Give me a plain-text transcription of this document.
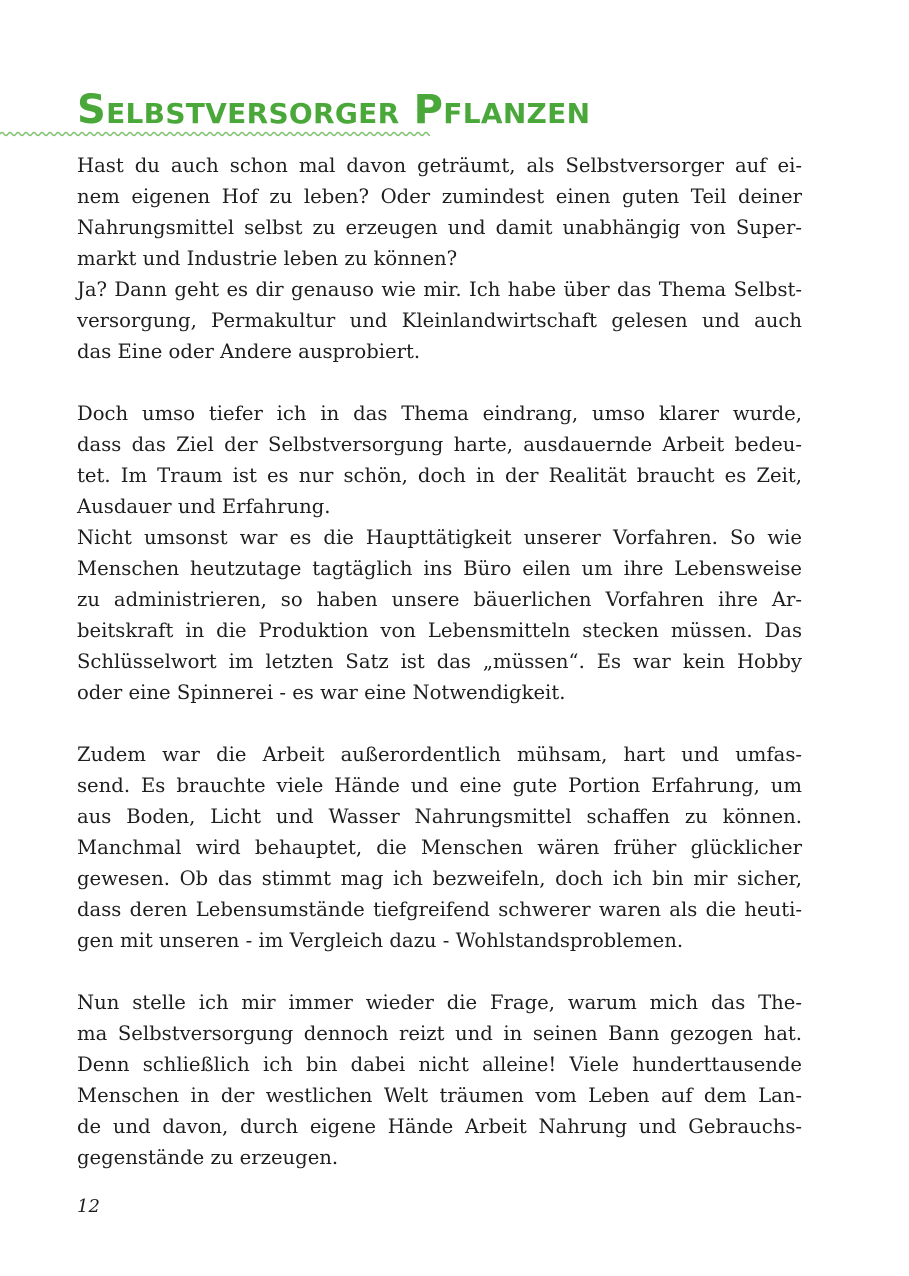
Selbstversorger Pflanzen
Hast du auch schon mal davon geträumt, als Selbstversorger auf ei-
nem eigenen Hof zu leben? Oder zumindest einen guten Teil deiner
Nahrungsmittel selbst zu erzeugen und damit unabhängig von Super-
markt und Industrie leben zu können?
Ja? Dann geht es dir genauso wie mir. Ich habe über das Thema Selbst-
versorgung, Permakultur und Kleinlandwirtschaft gelesen und auch
das Eine oder Andere ausprobiert.
Doch umso tiefer ich in das Thema eindrang, umso klarer wurde,
dass das Ziel der Selbstversorgung harte, ausdauernde Arbeit bedeu-
tet. Im Traum ist es nur schön, doch in der Realität braucht es Zeit,
Ausdauer und Erfahrung.
Nicht umsonst war es die Haupttätigkeit unserer Vorfahren. So wie
Menschen heutzutage tagtäglich ins Büro eilen um ihre Lebensweise
zu administrieren, so haben unsere bäuerlichen Vorfahren ihre Ar-
beitskraft in die Produktion von Lebensmitteln stecken müssen. Das
Schlüsselwort im letzten Satz ist das „müssen“. Es war kein Hobby
oder eine Spinnerei - es war eine Notwendigkeit.
Zudem war die Arbeit außerordentlich mühsam, hart und umfas-
send. Es brauchte viele Hände und eine gute Portion Erfahrung, um
aus Boden, Licht und Wasser Nahrungsmittel schaffen zu können.
Manchmal wird behauptet, die Menschen wären früher glücklicher
gewesen. Ob das stimmt mag ich bezweifeln, doch ich bin mir sicher,
dass deren Lebensumstände tiefgreifend schwerer waren als die heuti-
gen mit unseren - im Vergleich dazu - Wohlstandsproblemen.
Nun stelle ich mir immer wieder die Frage, warum mich das The-
ma Selbstversorgung dennoch reizt und in seinen Bann gezogen hat.
Denn schließlich ich bin dabei nicht alleine! Viele hunderttausende
Menschen in der westlichen Welt träumen vom Leben auf dem Lan-
de und davon, durch eigene Hände Arbeit Nahrung und Gebrauchs-
gegenstände zu erzeugen.
12
